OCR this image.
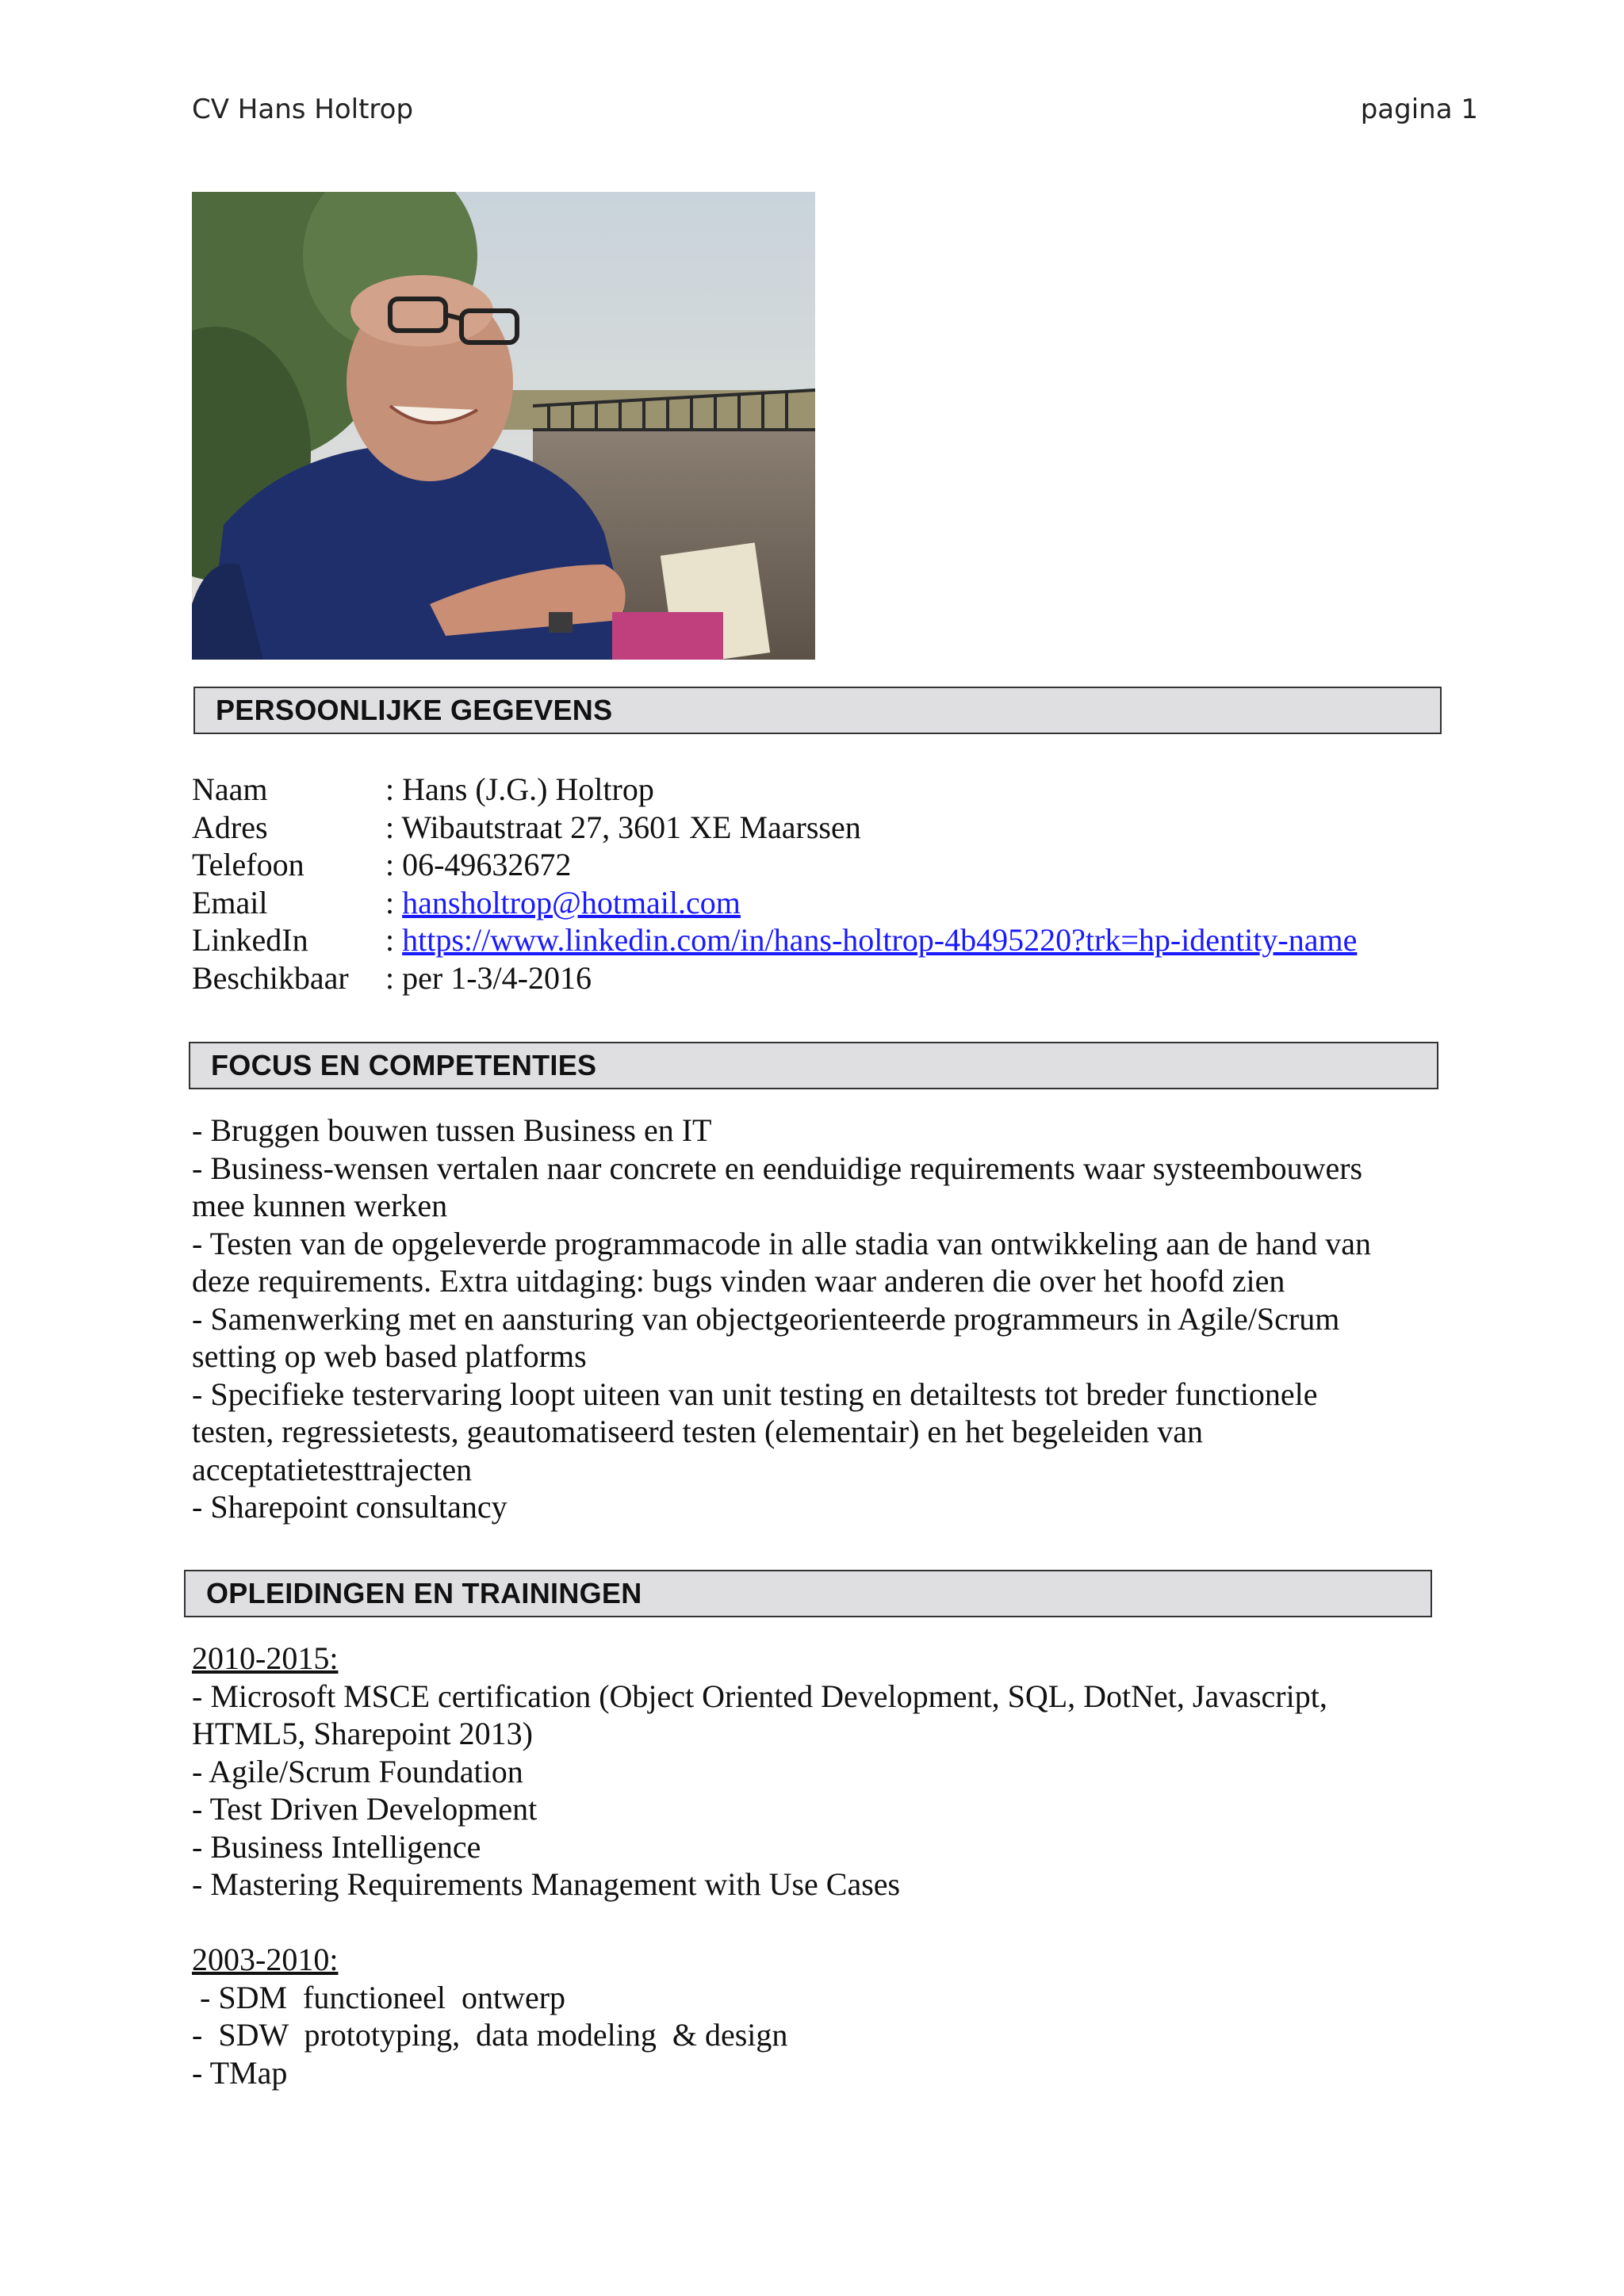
CV Hans Holtrop	pagina 1
PERSOONLIJKE GEGEVENS
Naam	: Hans (J.G.) Holtrop
Adres	: Wibautstraat 27, 3601 XE Maarssen
Telefoon	: 06-49632672
Email	: hansholtrop@hotmail.com
LinkedIn	: https://www.linkedin.com/in/hans-holtrop-4b495220?trk=hp-identity-name
Beschikbaar	: per 1-3/4-2016
FOCUS EN COMPETENTIES

- Bruggen bouwen tussen Business en IT

- Business-wensen vertalen naar concrete en eenduidige requirements waar systeembouwers

mee kunnen werken

- Testen van de opgeleverde programmacode in alle stadia van ontwikkeling aan de hand van

deze requirements. Extra uitdaging: bugs vinden waar anderen die over het hoofd zien

- Samenwerking met en aansturing van objectgeorienteerde programmeurs in Agile/Scrum

setting op web based platforms

- Specifieke testervaring loopt uiteen van unit testing en detailtests tot breder functionele

testen, regressietests, geautomatiseerd testen (elementair) en het begeleiden van

acceptatietesttrajecten

- Sharepoint consultancy

OPLEIDINGEN EN TRAININGEN

2010-2015:

- Microsoft MSCE certification (Object Oriented Development, SQL, DotNet, Javascript,

HTML5, Sharepoint 2013)

- Agile/Scrum Foundation

- Test Driven Development

- Business Intelligence

- Mastering Requirements Management with Use Cases

2003-2010:

- SDM  functioneel  ontwerp

-  SDW  prototyping,  data modeling  & design

- TMap
